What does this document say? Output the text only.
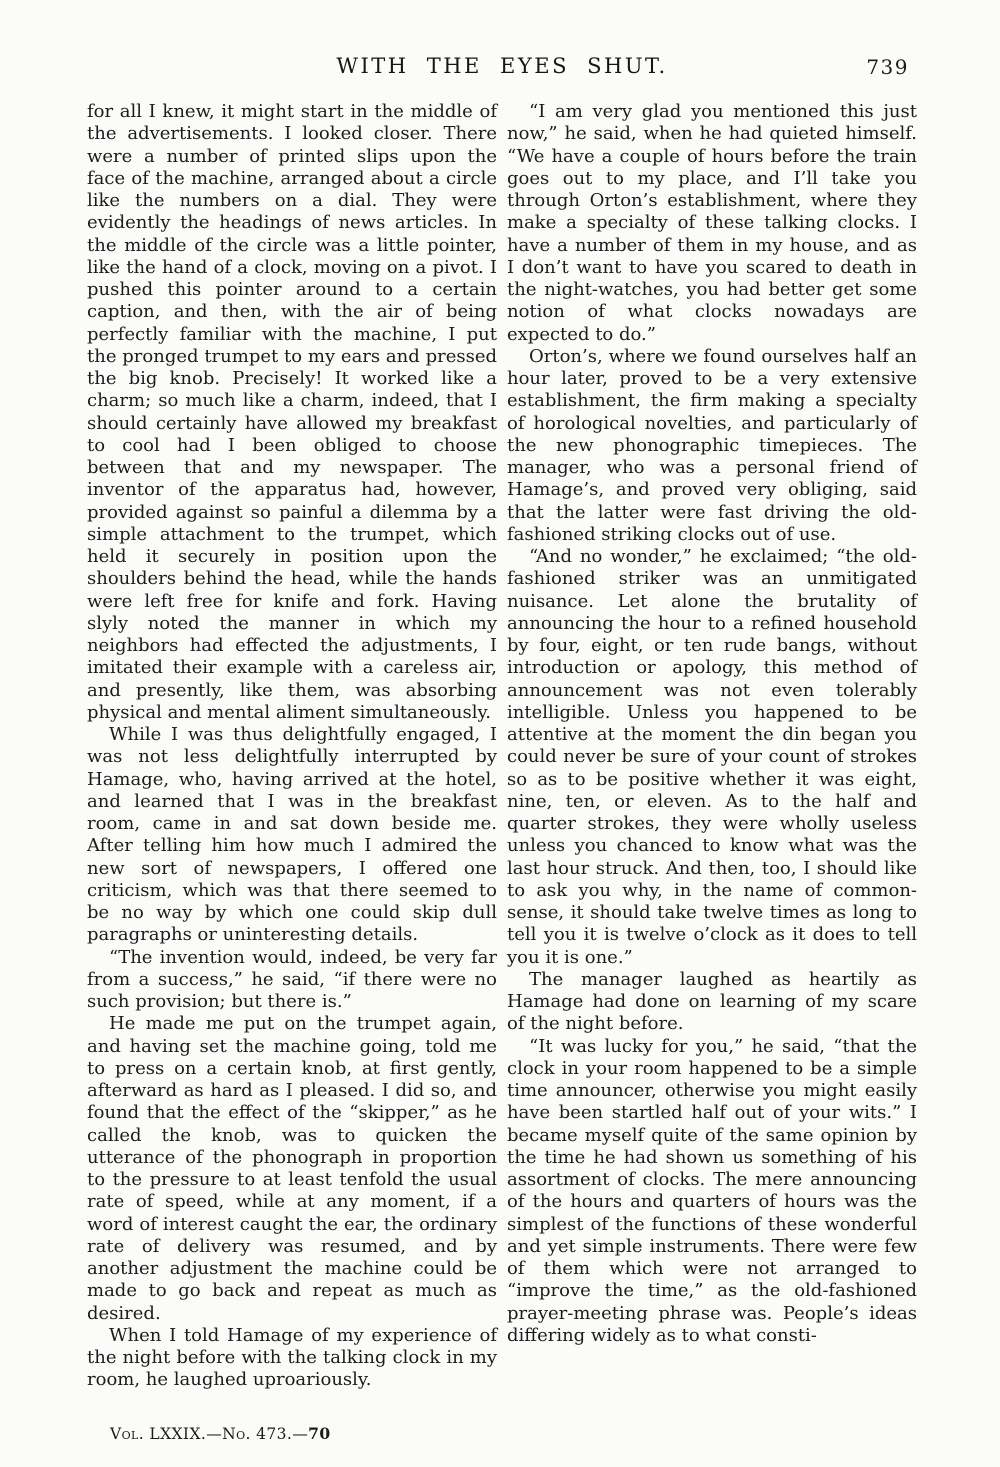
WITH THE EYES SHUT.	739

for all I knew, it might start in the middle of the advertisements. I looked closer. There were a number of printed slips upon the face of the machine, arranged about a circle like the numbers on a dial. They were evidently the headings of news articles. In the middle of the circle was a little pointer, like the hand of a clock, moving on a pivot. I pushed this pointer around to a certain caption, and then, with the air of being perfectly familiar with the machine, I put the pronged trumpet to my ears and pressed the big knob. Precisely! It worked like a charm; so much like a charm, indeed, that I should certainly have allowed my breakfast to cool had I been obliged to choose between that and my newspaper. The inventor of the apparatus had, however, provided against so painful a dilemma by a simple attachment to the trumpet, which held it securely in position upon the shoulders behind the head, while the hands were left free for knife and fork. Having slyly noted the manner in which my neighbors had effected the adjustments, I imitated their example with a careless air, and presently, like them, was absorbing physical and mental aliment simultaneously.

While I was thus delightfully engaged, I was not less delightfully interrupted by Hamage, who, having arrived at the hotel, and learned that I was in the breakfast room, came in and sat down beside me. After telling him how much I admired the new sort of newspapers, I offered one criticism, which was that there seemed to be no way by which one could skip dull paragraphs or uninteresting details.

“The invention would, indeed, be very far from a success,” he said, “if there were no such provision; but there is.”

He made me put on the trumpet again, and having set the machine going, told me to press on a certain knob, at first gently, afterward as hard as I pleased. I did so, and found that the effect of the “skipper,” as he called the knob, was to quicken the utterance of the phonograph in proportion to the pressure to at least tenfold the usual rate of speed, while at any moment, if a word of interest caught the ear, the ordinary rate of delivery was resumed, and by another adjustment the machine could be made to go back and repeat as much as desired.

When I told Hamage of my experience of the night before with the talking clock in my room, he laughed uproariously.

“I am very glad you mentioned this just now,” he said, when he had quieted himself. “We have a couple of hours before the train goes out to my place, and I’ll take you through Orton’s establishment, where they make a specialty of these talking clocks. I have a number of them in my house, and as I don’t want to have you scared to death in the night-watches, you had better get some notion of what clocks nowadays are expected to do.”

Orton’s, where we found ourselves half an hour later, proved to be a very extensive establishment, the firm making a specialty of horological novelties, and particularly of the new phonographic timepieces. The manager, who was a personal friend of Hamage’s, and proved very obliging, said that the latter were fast driving the old-fashioned striking clocks out of use.

“And no wonder,” he exclaimed; “the old-fashioned striker was an unmitigated nuisance. Let alone the brutality of announcing the hour to a refined household by four, eight, or ten rude bangs, without introduction or apology, this method of announcement was not even tolerably intelligible. Unless you happened to be attentive at the moment the din began you could never be sure of your count of strokes so as to be positive whether it was eight, nine, ten, or eleven. As to the half and quarter strokes, they were wholly useless unless you chanced to know what was the last hour struck. And then, too, I should like to ask you why, in the name of common-sense, it should take twelve times as long to tell you it is twelve o’clock as it does to tell you it is one.”

The manager laughed as heartily as Hamage had done on learning of my scare of the night before.

“It was lucky for you,” he said, “that the clock in your room happened to be a simple time announcer, otherwise you might easily have been startled half out of your wits.” I became myself quite of the same opinion by the time he had shown us something of his assortment of clocks. The mere announcing of the hours and quarters of hours was the simplest of the functions of these wonderful and yet simple instruments. There were few of them which were not arranged to “improve the time,” as the old-fashioned prayer-meeting phrase was. People’s ideas differing widely as to what consti-

Vol. LXXIX.—No. 473.—70
